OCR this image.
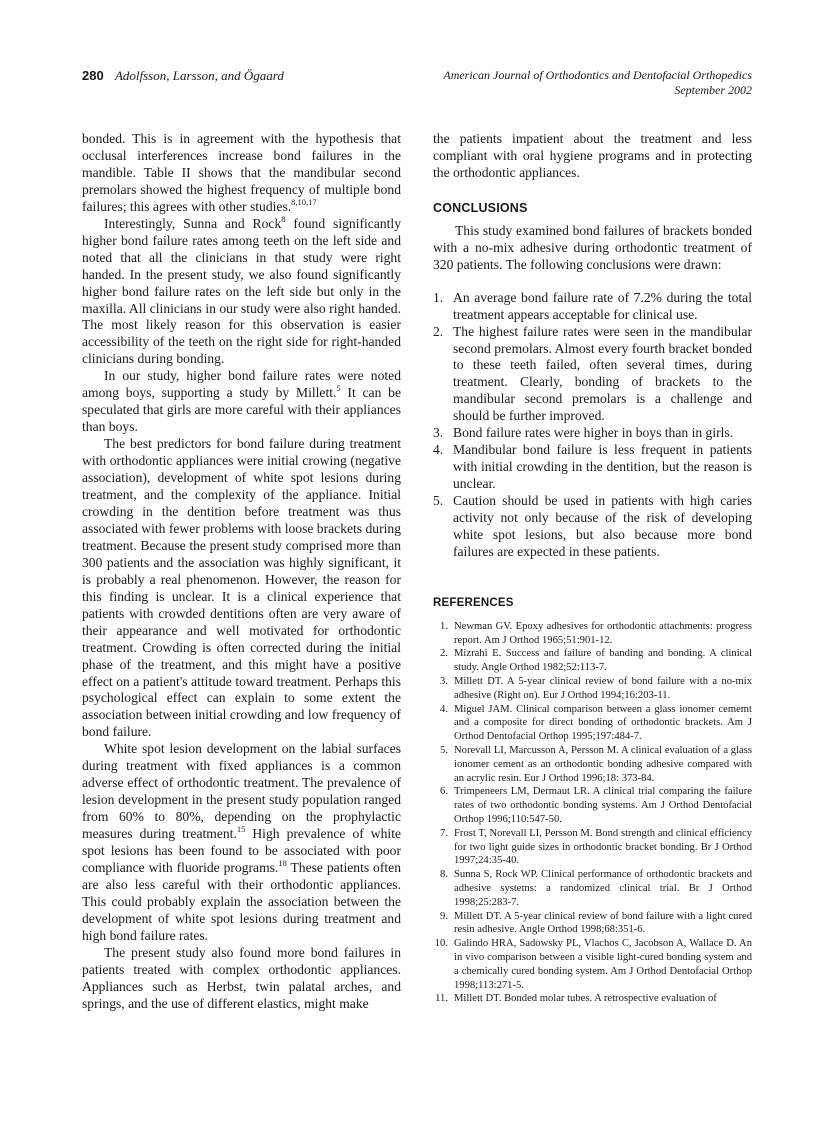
280 Adolfsson, Larsson, and Ögaard	American Journal of Orthodontics and Dentofacial Orthopedics
September 2002

bonded. This is in agreement with the hypothesis that occlusal interferences increase bond failures in the mandible. Table II shows that the mandibular second premolars showed the highest frequency of multiple bond failures; this agrees with other studies.$^{8,10,17}$

Interestingly, Sunna and Rock$^8$ found significantly higher bond failure rates among teeth on the left side and noted that all the clinicians in that study were right handed. In the present study, we also found significantly higher bond failure rates on the left side but only in the maxilla. All clinicians in our study were also right handed. The most likely reason for this observation is easier accessibility of the teeth on the right side for right-handed clinicians during bonding.

In our study, higher bond failure rates were noted among boys, supporting a study by Millett.$^5$ It can be speculated that girls are more careful with their appliances than boys.

The best predictors for bond failure during treatment with orthodontic appliances were initial crowing (negative association), development of white spot lesions during treatment, and the complexity of the appliance. Initial crowding in the dentition before treatment was thus associated with fewer problems with loose brackets during treatment. Because the present study comprised more than 300 patients and the association was highly significant, it is probably a real phenomenon. However, the reason for this finding is unclear. It is a clinical experience that patients with crowded dentitions often are very aware of their appearance and well motivated for orthodontic treatment. Crowding is often corrected during the initial phase of the treatment, and this might have a positive effect on a patient's attitude toward treatment. Perhaps this psychological effect can explain to some extent the association between initial crowding and low frequency of bond failure.

White spot lesion development on the labial surfaces during treatment with fixed appliances is a common adverse effect of orthodontic treatment. The prevalence of lesion development in the present study population ranged from 60% to 80%, depending on the prophylactic measures during treatment.$^{15}$ High prevalence of white spot lesions has been found to be associated with poor compliance with fluoride programs.$^{18}$ These patients often are also less careful with their orthodontic appliances. This could probably explain the association between the development of white spot lesions during treatment and high bond failure rates.

The present study also found more bond failures in patients treated with complex orthodontic appliances. Appliances such as Herbst, twin palatal arches, and springs, and the use of different elastics, might make

the patients impatient about the treatment and less compliant with oral hygiene programs and in protecting the orthodontic appliances.

CONCLUSIONS

This study examined bond failures of brackets bonded with a no-mix adhesive during orthodontic treatment of 320 patients. The following conclusions were drawn:

1. An average bond failure rate of 7.2% during the total treatment appears acceptable for clinical use.
2. The highest failure rates were seen in the mandibular second premolars. Almost every fourth bracket bonded to these teeth failed, often several times, during treatment. Clearly, bonding of brackets to the mandibular second premolars is a challenge and should be further improved.
3. Bond failure rates were higher in boys than in girls.
4. Mandibular bond failure is less frequent in patients with initial crowding in the dentition, but the reason is unclear.
5. Caution should be used in patients with high caries activity not only because of the risk of developing white spot lesions, but also because more bond failures are expected in these patients.
REFERENCES
1. Newman GV. Epoxy adhesives for orthodontic attachments: progress report. Am J Orthod 1965;51:901-12.
2. Mizrahi E. Success and failure of banding and bonding. A clinical study. Angle Orthod 1982;52:113-7.
3. Millett DT. A 5-year clinical review of bond failure with a no-mix adhesive (Right on). Eur J Orthod 1994;16:203-11.
4. Miguel JAM. Clinical comparison between a glass ionomer cememt and a composite for direct bonding of orthodontic brackets. Am J Orthod Dentofacial Orthop 1995;197:484-7.
5. Norevall LI, Marcusson A, Persson M. A clinical evaluation of a glass ionomer cement as an orthodontic bonding adhesive compared with an acrylic resin. Eur J Orthod 1996;18: 373-84.
6. Trimpeneers LM, Dermaut LR. A clinical trial comparing the failure rates of two orthodontic bonding systems. Am J Orthod Dentofacial Orthop 1996;110:547-50.
7. Frost T, Norevall LI, Persson M. Bond strength and clinical efficiency for two light guide sizes in orthodontic bracket bonding. Br J Orthod 1997;24:35-40.
8. Sunna S, Rock WP. Clinical performance of orthodontic brackets and adhesive systems: a randomized clinical trial. Br J Orthod 1998;25:283-7.
9. Millett DT. A 5-year clinical review of bond failure with a light cured resin adhesive. Angle Orthod 1998;68:351-6.
10. Galindo HRA, Sadowsky PL, Vlachos C, Jacobson A, Wallace D. An in vivo comparison between a visible light-cured bonding system and a chemically cured bonding system. Am J Orthod Dentofacial Orthop 1998;113:271-5.
11. Millett DT. Bonded molar tubes. A retrospective evaluation of
